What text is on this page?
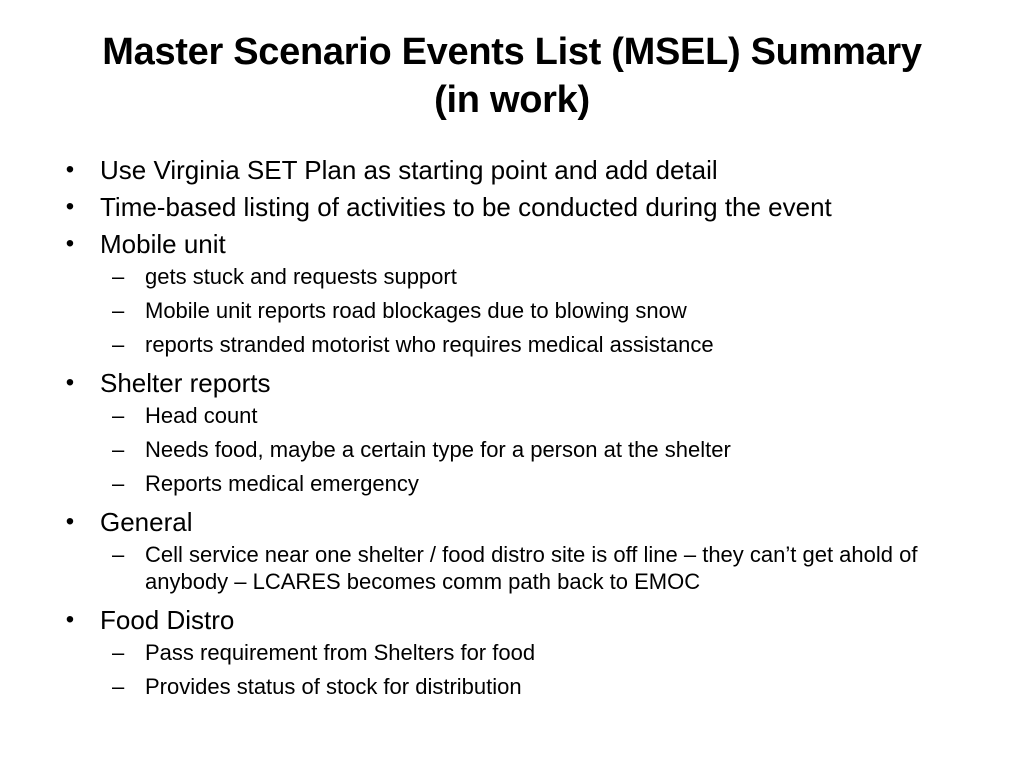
Master Scenario Events List (MSEL) Summary
(in work)
• Use Virginia SET Plan as starting point and add detail
• Time-based listing of activities to be conducted during the event
• Mobile unit
– gets stuck and requests support
– Mobile unit reports road blockages due to blowing snow
– reports stranded motorist who requires medical assistance
• Shelter reports
– Head count
– Needs food, maybe a certain type for a person at the shelter
– Reports medical emergency
• General
– Cell service near one shelter / food distro site is off line – they can’t get ahold of anybody – LCARES becomes comm path back to EMOC
• Food Distro
– Pass requirement from Shelters for food
– Provides status of stock for distribution
